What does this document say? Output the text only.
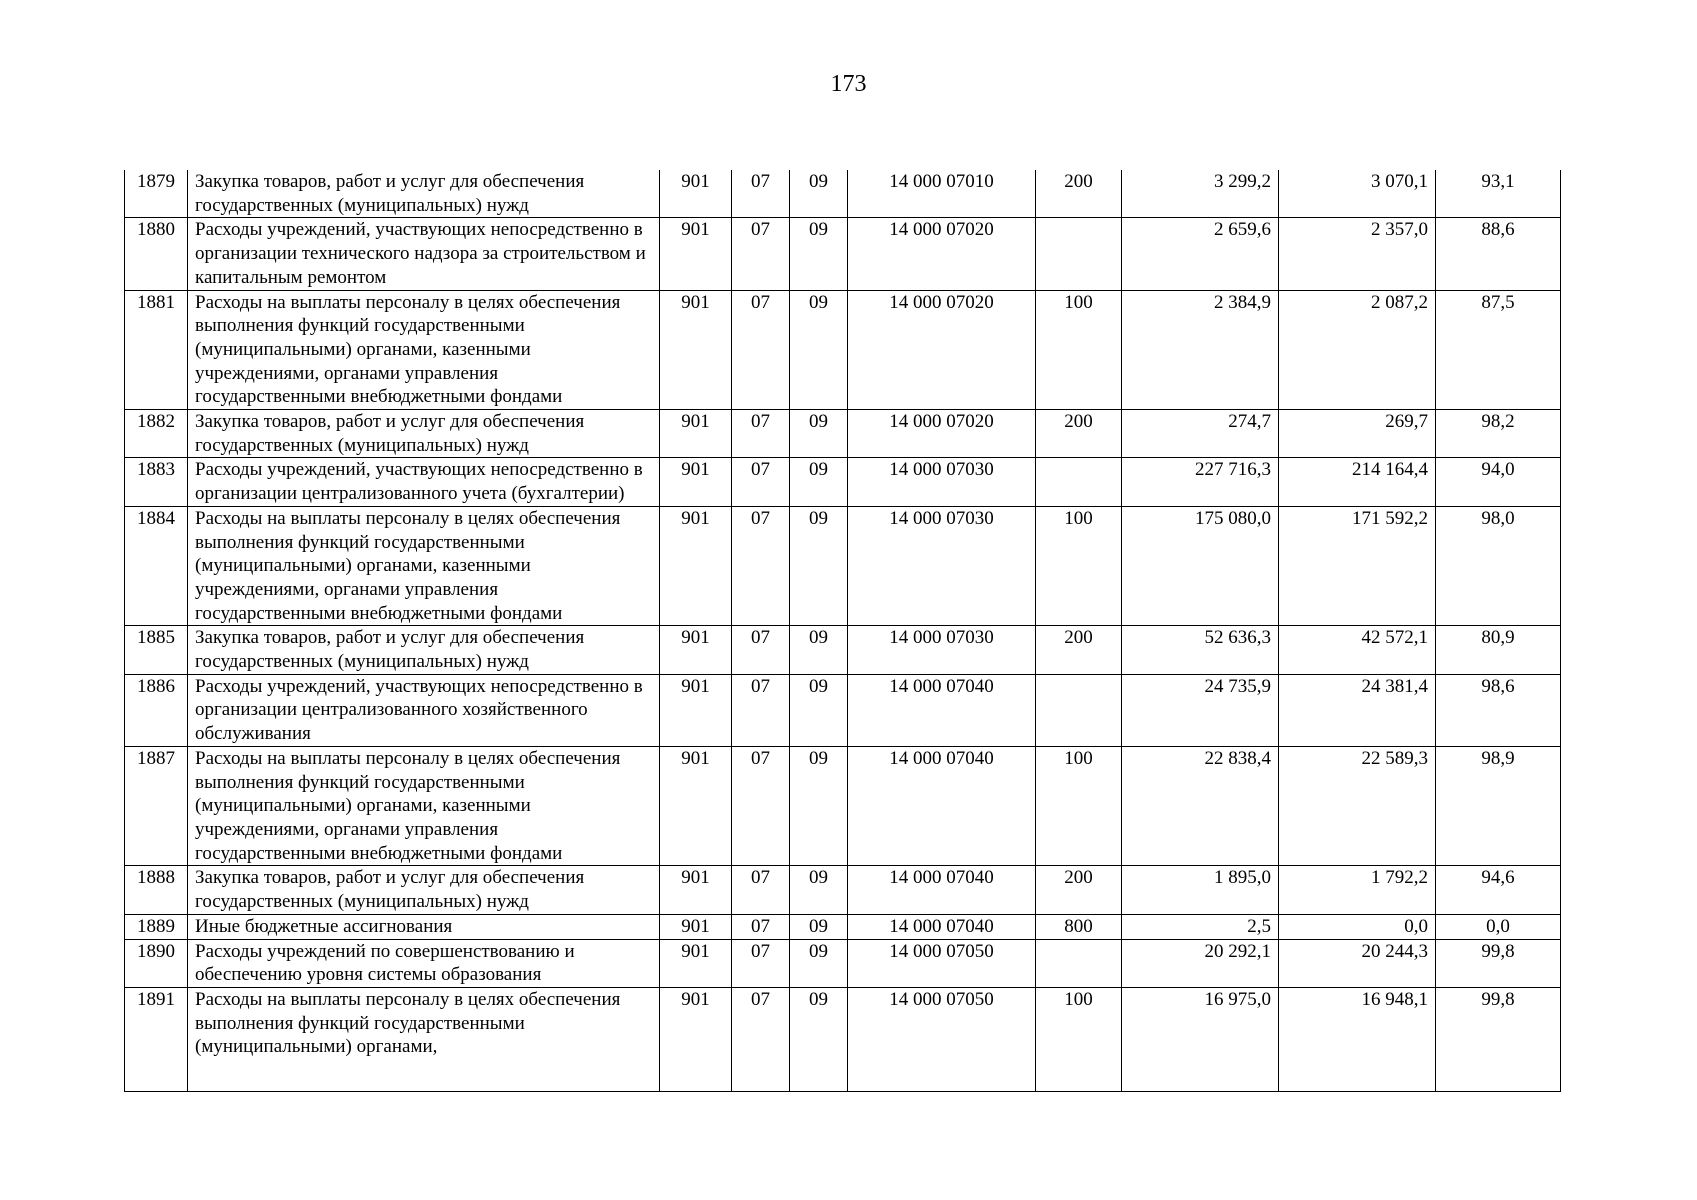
173
1879	Закупка товаров, работ и услуг для обеспечения государственных (муниципальных) нужд	901	07	09	14 000 07010	200	3 299,2	3 070,1	93,1
1880	Расходы учреждений, участвующих непосредственно в организации технического надзора за строительством и капитальным ремонтом	901	07	09	14 000 07020		2 659,6	2 357,0	88,6
1881	Расходы на выплаты персоналу в целях обеспечения выполнения функций государственными (муниципальными) органами, казенными учреждениями, органами управления государственными внебюджетными фондами	901	07	09	14 000 07020	100	2 384,9	2 087,2	87,5
1882	Закупка товаров, работ и услуг для обеспечения государственных (муниципальных) нужд	901	07	09	14 000 07020	200	274,7	269,7	98,2
1883	Расходы учреждений, участвующих непосредственно в организации централизованного учета (бухгалтерии)	901	07	09	14 000 07030		227 716,3	214 164,4	94,0
1884	Расходы на выплаты персоналу в целях обеспечения выполнения функций государственными (муниципальными) органами, казенными учреждениями, органами управления государственными внебюджетными фондами	901	07	09	14 000 07030	100	175 080,0	171 592,2	98,0
1885	Закупка товаров, работ и услуг для обеспечения государственных (муниципальных) нужд	901	07	09	14 000 07030	200	52 636,3	42 572,1	80,9
1886	Расходы учреждений, участвующих непосредственно в организации централизованного хозяйственного обслуживания	901	07	09	14 000 07040		24 735,9	24 381,4	98,6
1887	Расходы на выплаты персоналу в целях обеспечения выполнения функций государственными (муниципальными) органами, казенными учреждениями, органами управления государственными внебюджетными фондами	901	07	09	14 000 07040	100	22 838,4	22 589,3	98,9
1888	Закупка товаров, работ и услуг для обеспечения государственных (муниципальных) нужд	901	07	09	14 000 07040	200	1 895,0	1 792,2	94,6
1889	Иные бюджетные ассигнования	901	07	09	14 000 07040	800	2,5	0,0	0,0
1890	Расходы учреждений по совершенствованию и обеспечению уровня системы образования	901	07	09	14 000 07050		20 292,1	20 244,3	99,8
1891	Расходы на выплаты персоналу в целях обеспечения выполнения функций государственными (муниципальными) органами,	901	07	09	14 000 07050	100	16 975,0	16 948,1	99,8
